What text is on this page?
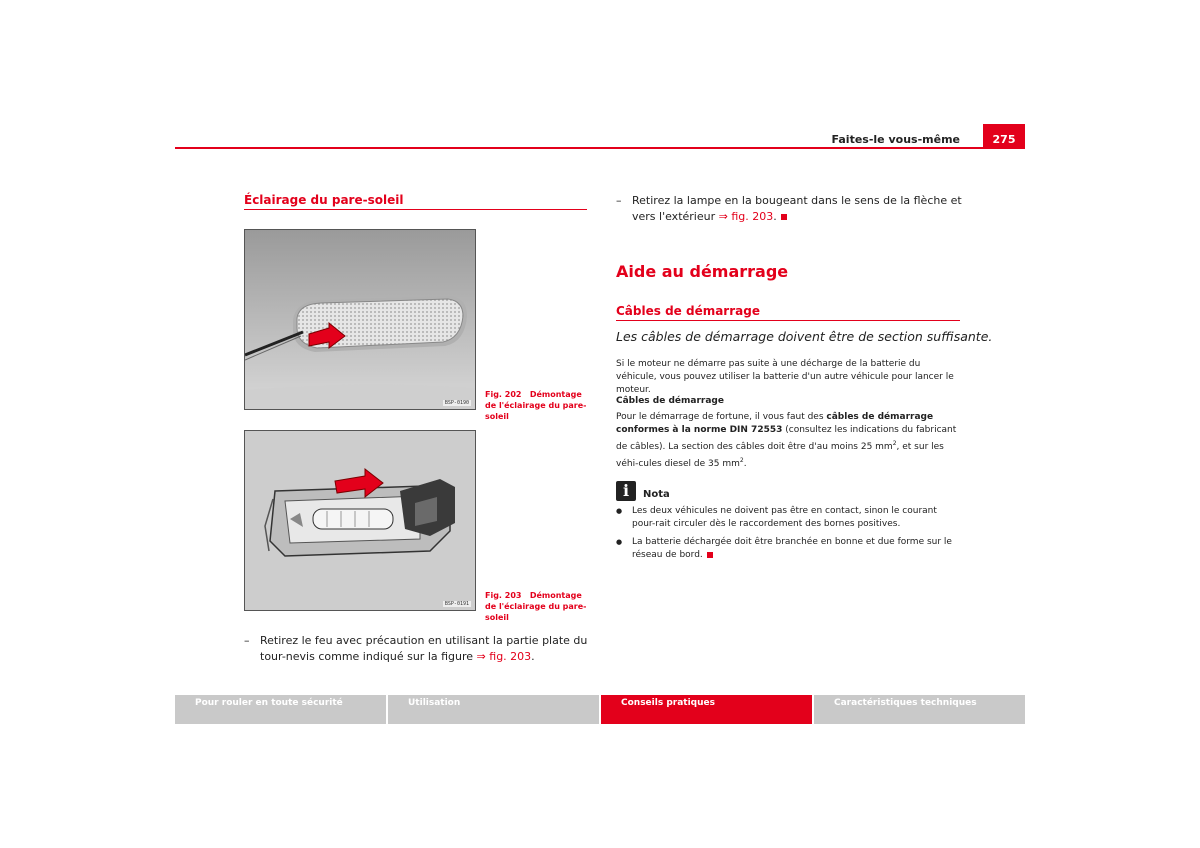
Faites-le vous-même	275
Éclairage du pare-soleil
BSP-0190
Fig. 202 Démontage de l'éclairage du pare-soleil
BSP-0191
Fig. 203 Démontage de l'éclairage du pare-soleil
– Retirez le feu avec précaution en utilisant la partie plate du tour-nevis comme indiqué sur la figure ⇒ fig. 203.
– Retirez la lampe en la bougeant dans le sens de la flèche et vers l'extérieur ⇒ fig. 203.
Aide au démarrage
Câbles de démarrage
Les câbles de démarrage doivent être de section suffisante.
Si le moteur ne démarre pas suite à une décharge de la batterie du véhicule, vous pouvez utiliser la batterie d'un autre véhicule pour lancer le moteur.
Câbles de démarrage
Pour le démarrage de fortune, il vous faut des câbles de démarrage conformes à la norme DIN 72553 (consultez les indications du fabricant de câbles). La section des câbles doit être d'au moins 25 $mm^2$, et sur les véhi-cules diesel de 35 $mm^2$.
i	Nota
● Les deux véhicules ne doivent pas être en contact, sinon le courant pour-rait circuler dès le raccordement des bornes positives.
● La batterie déchargée doit être branchée en bonne et due forme sur le réseau de bord.
Pour rouler en toute sécurité	Utilisation	Conseils pratiques	Caractéristiques techniques
